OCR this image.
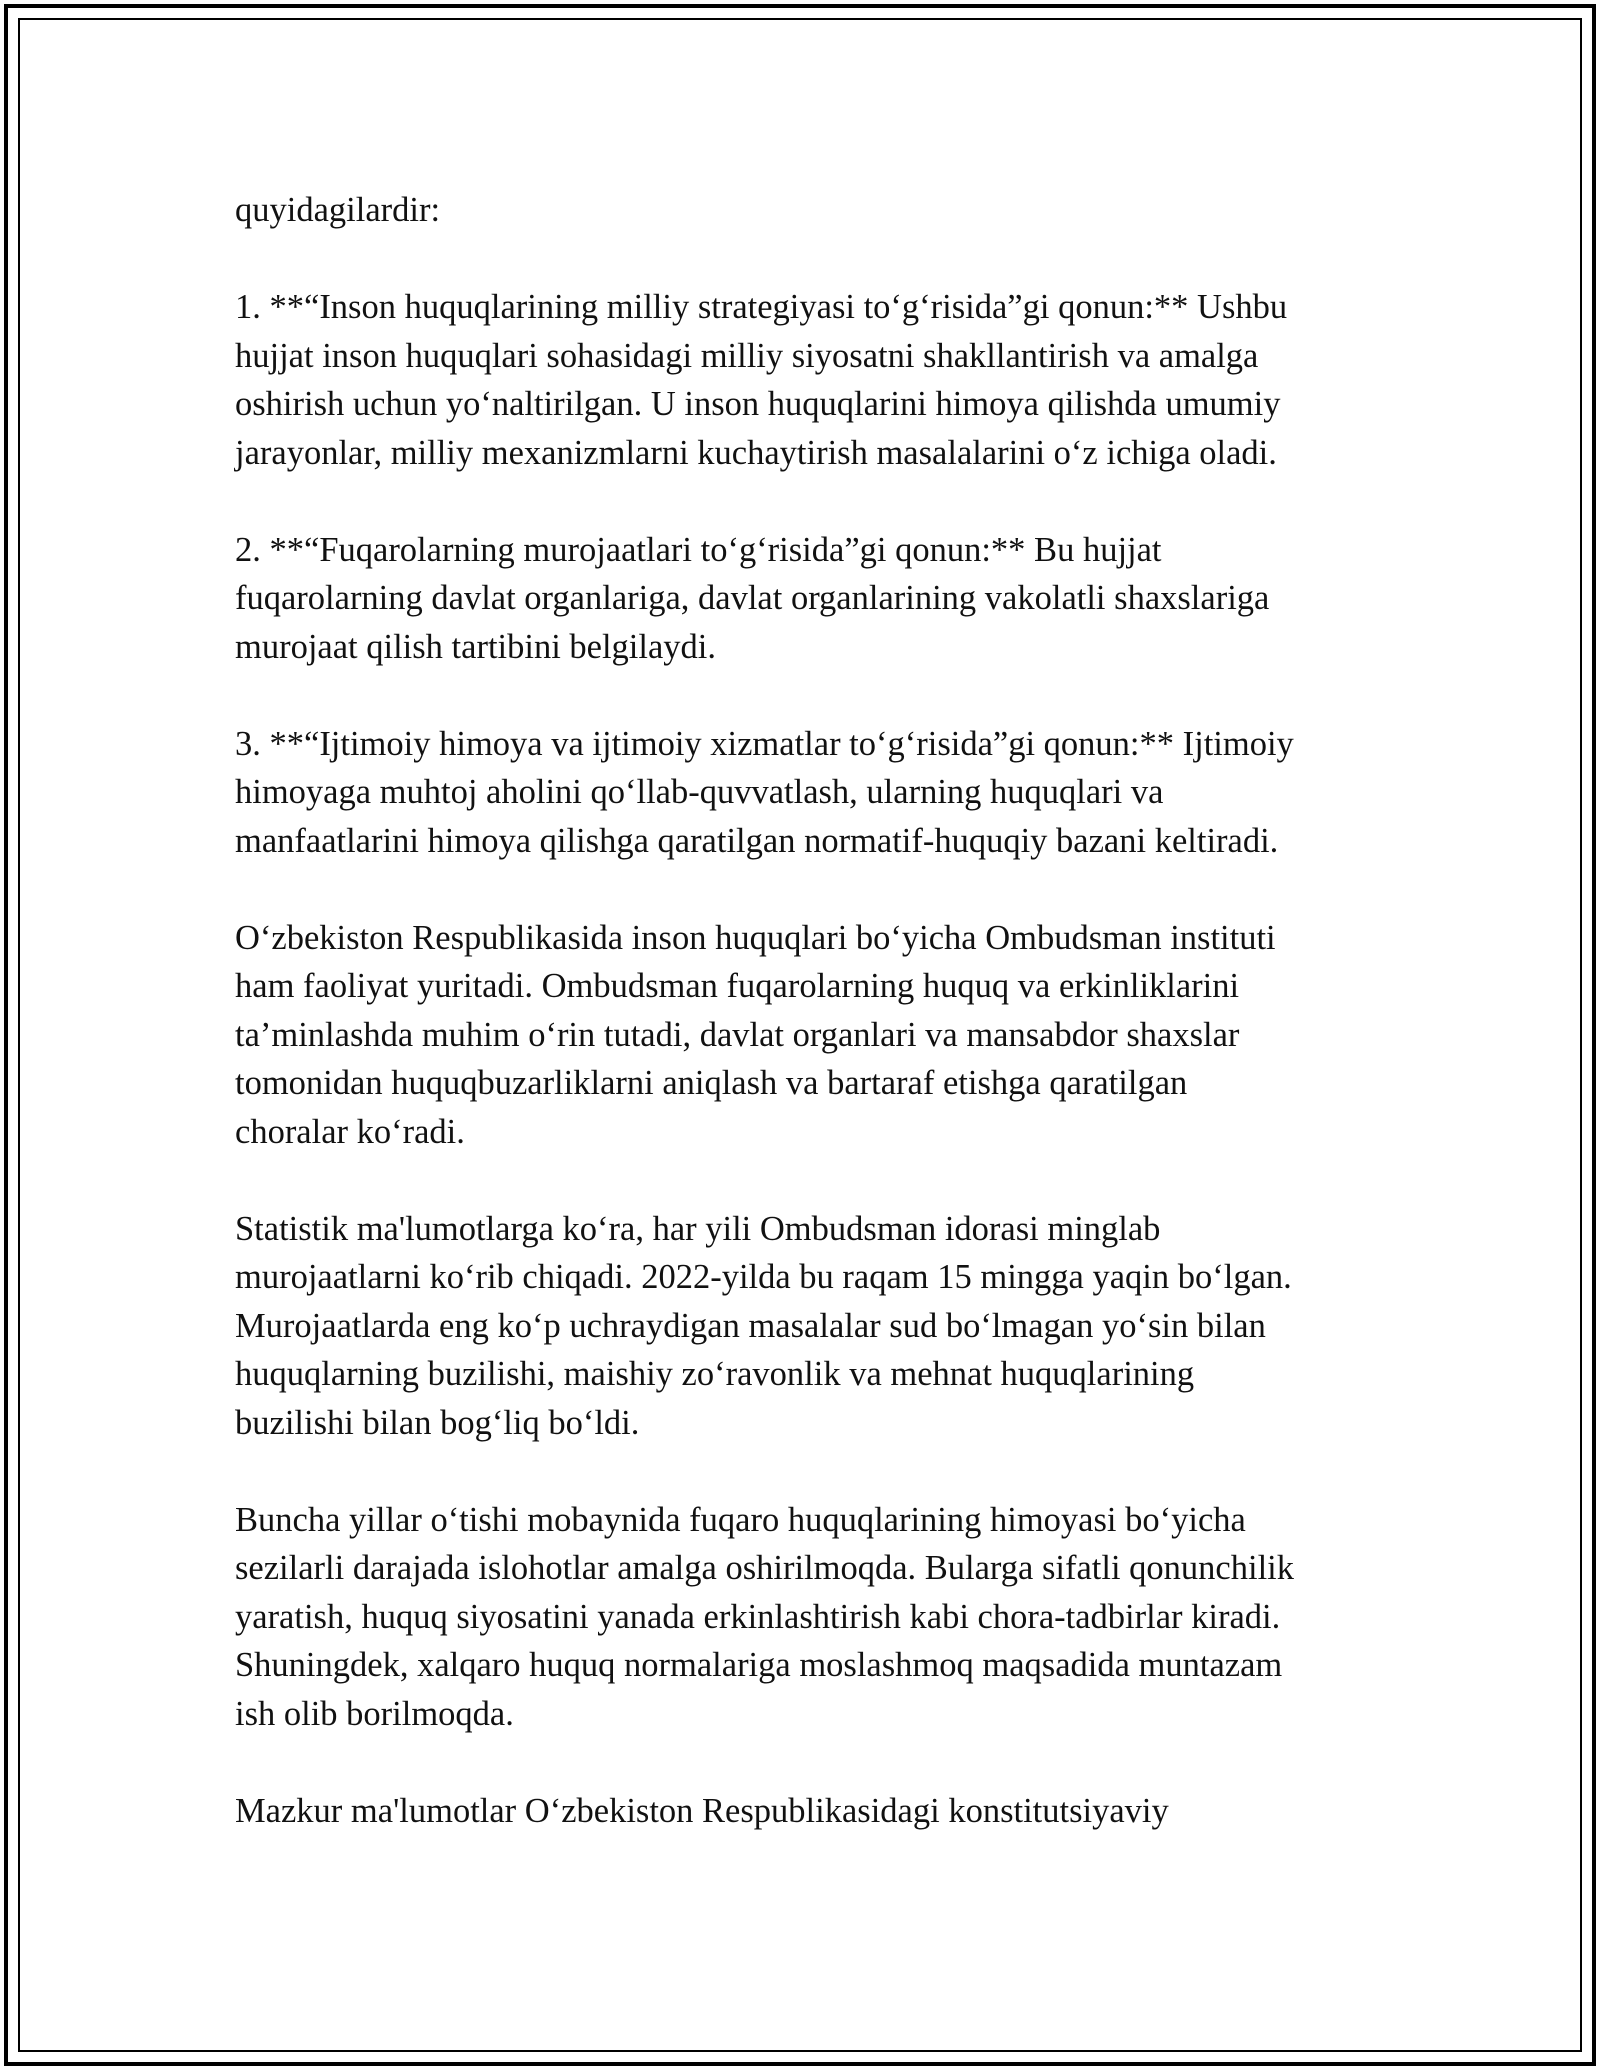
quyidagilardir:

1. **“Inson huquqlarining milliy strategiyasi to‘g‘risida”gi qonun:** Ushbu
hujjat inson huquqlari sohasidagi milliy siyosatni shakllantirish va amalga
oshirish uchun yo‘naltirilgan. U inson huquqlarini himoya qilishda umumiy
jarayonlar, milliy mexanizmlarni kuchaytirish masalalarini o‘z ichiga oladi.

2. **“Fuqarolarning murojaatlari to‘g‘risida”gi qonun:** Bu hujjat
fuqarolarning davlat organlariga, davlat organlarining vakolatli shaxslariga
murojaat qilish tartibini belgilaydi.

3. **“Ijtimoiy himoya va ijtimoiy xizmatlar to‘g‘risida”gi qonun:** Ijtimoiy
himoyaga muhtoj aholini qo‘llab-quvvatlash, ularning huquqlari va
manfaatlarini himoya qilishga qaratilgan normatif-huquqiy bazani keltiradi.

O‘zbekiston Respublikasida inson huquqlari bo‘yicha Ombudsman instituti
ham faoliyat yuritadi. Ombudsman fuqarolarning huquq va erkinliklarini
ta’minlashda muhim o‘rin tutadi, davlat organlari va mansabdor shaxslar
tomonidan huquqbuzarliklarni aniqlash va bartaraf etishga qaratilgan
choralar ko‘radi.

Statistik ma'lumotlarga ko‘ra, har yili Ombudsman idorasi minglab
murojaatlarni ko‘rib chiqadi. 2022-yilda bu raqam 15 mingga yaqin bo‘lgan.
Murojaatlarda eng ko‘p uchraydigan masalalar sud bo‘lmagan yo‘sin bilan
huquqlarning buzilishi, maishiy zo‘ravonlik va mehnat huquqlarining
buzilishi bilan bog‘liq bo‘ldi.

Buncha yillar o‘tishi mobaynida fuqaro huquqlarining himoyasi bo‘yicha
sezilarli darajada islohotlar amalga oshirilmoqda. Bularga sifatli qonunchilik
yaratish, huquq siyosatini yanada erkinlashtirish kabi chora-tadbirlar kiradi.
Shuningdek, xalqaro huquq normalariga moslashmoq maqsadida muntazam
ish olib borilmoqda.

Mazkur ma'lumotlar O‘zbekiston Respublikasidagi konstitutsiyaviy
